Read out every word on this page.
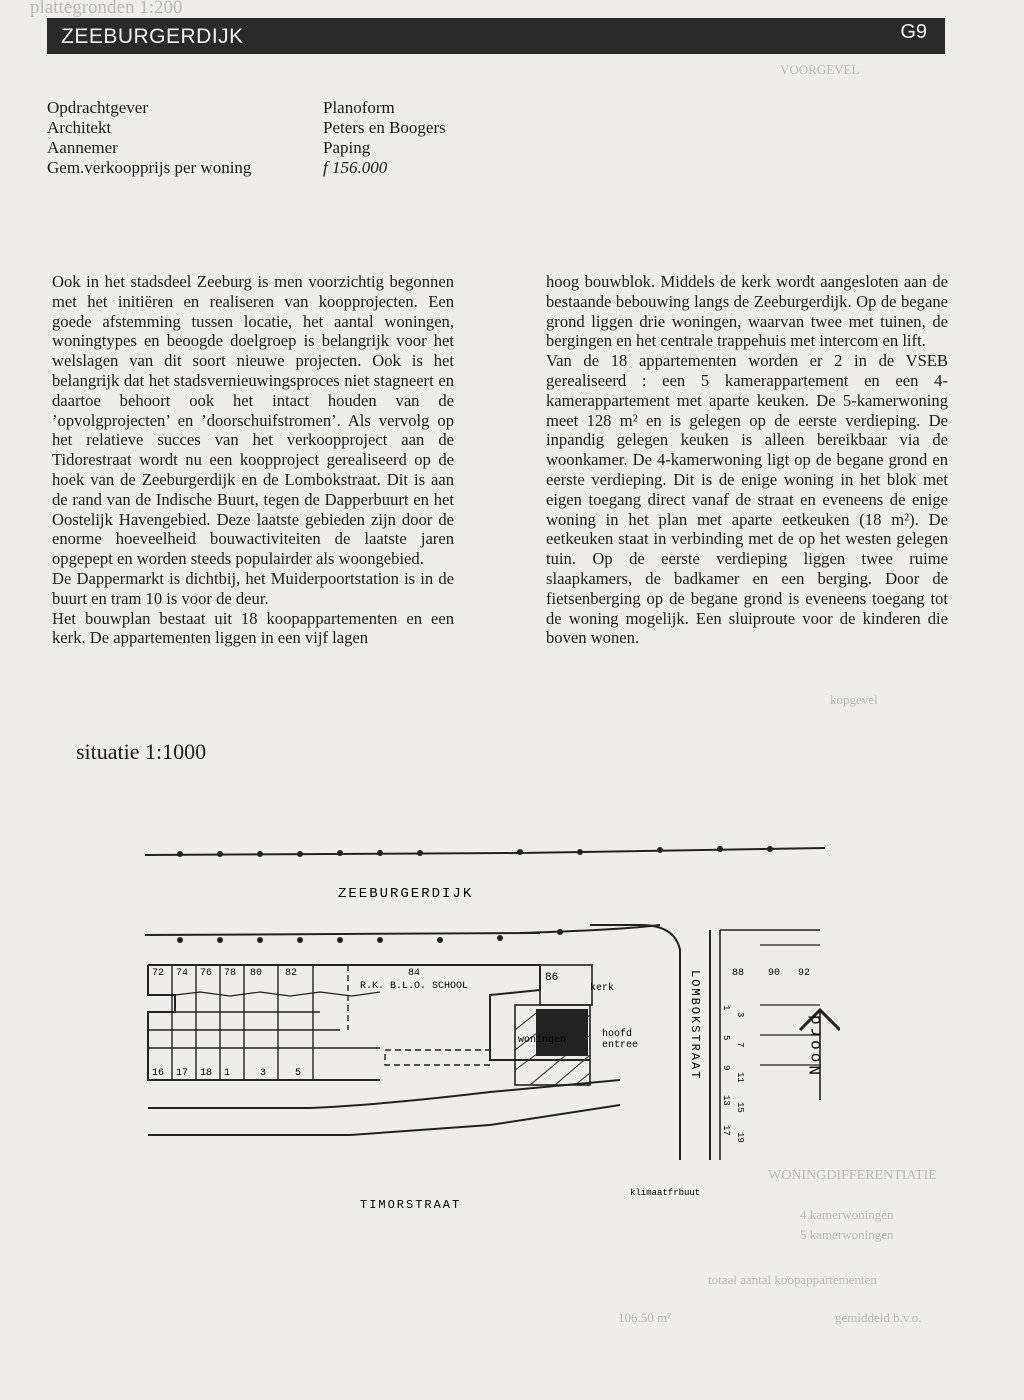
plattegronden 1:200
VOORGEVEL
kopgevel
WONINGDIFFERENTIATIE
4 kamerwoningen
5 kamerwoningen
totaal aantal koopappartementen
gemiddeld b.v.o.
106.50 m²
ZEEBURGERDIJK	G9
Opdrachtgever	Planoform
Architekt	Peters en Boogers
Aannemer	Paping
Gem.verkoopprijs per woning	f 156.000

Ook in het stadsdeel Zeeburg is men voorzichtig begonnen met het initiëren en realiseren van koopprojecten. Een goede afstemming tussen locatie, het aantal woningen, woningtypes en beoogde doelgroep is belangrijk voor het welslagen van dit soort nieuwe projecten. Ook is het belangrijk dat het stadsvernieuwingsproces niet stagneert en daartoe behoort ook het intact houden van de ’opvolgprojecten’ en ’doorschuifstromen’. Als vervolg op het relatieve succes van het verkoopproject aan de Tidorestraat wordt nu een koopproject gerealiseerd op de hoek van de Zeeburgerdijk en de Lombokstraat. Dit is aan de rand van de Indische Buurt, tegen de Dapperbuurt en het Oostelijk Havengebied. Deze laatste gebieden zijn door de enorme hoeveelheid bouwactiviteiten de laatste jaren opgepept en worden steeds populairder als woongebied.

De Dappermarkt is dichtbij, het Muiderpoortstation is in de buurt en tram 10 is voor de deur.

Het bouwplan bestaat uit 18 koopappartementen en een kerk. De appartementen liggen in een vijf lagen

hoog bouwblok. Middels de kerk wordt aangesloten aan de bestaande bebouwing langs de Zeeburgerdijk. Op de begane grond liggen drie woningen, waarvan twee met tuinen, de bergingen en het centrale trappehuis met intercom en lift.

Van de 18 appartementen worden er 2 in de VSEB gerealiseerd : een 5 kamerappartement en een 4-kamerappartement met aparte keuken. De 5-kamerwoning meet 128 m² en is gelegen op de eerste verdieping. De inpandig gelegen keuken is alleen bereikbaar via de woonkamer. De 4-kamerwoning ligt op de begane grond en eerste verdieping. Dit is de enige woning in het blok met eigen toegang direct vanaf de straat en eveneens de enige woning in het plan met aparte eetkeuken (18 m²). De eetkeuken staat in verbinding met de op het westen gelegen tuin. Op de eerste verdieping liggen twee ruime slaapkamers, de badkamer en een berging. Door de fietsenberging op de begane grond is eveneens toegang tot de woning mogelijk. Een sluiproute voor de kinderen die boven wonen.

situatie 1:1000
ZEEBURGERDIJK
TIMORSTRAAT
LOMBOKSTRAAT	Noord
R.K. B.L.O. SCHOOL	kerk
woningen
hoofd
entree
klimaatfrbuut
86
72 74 76 78 80 82	84
16 17 18 1	3	5
88 90 92
1
3
5
7
9
11
13
15
17
19
